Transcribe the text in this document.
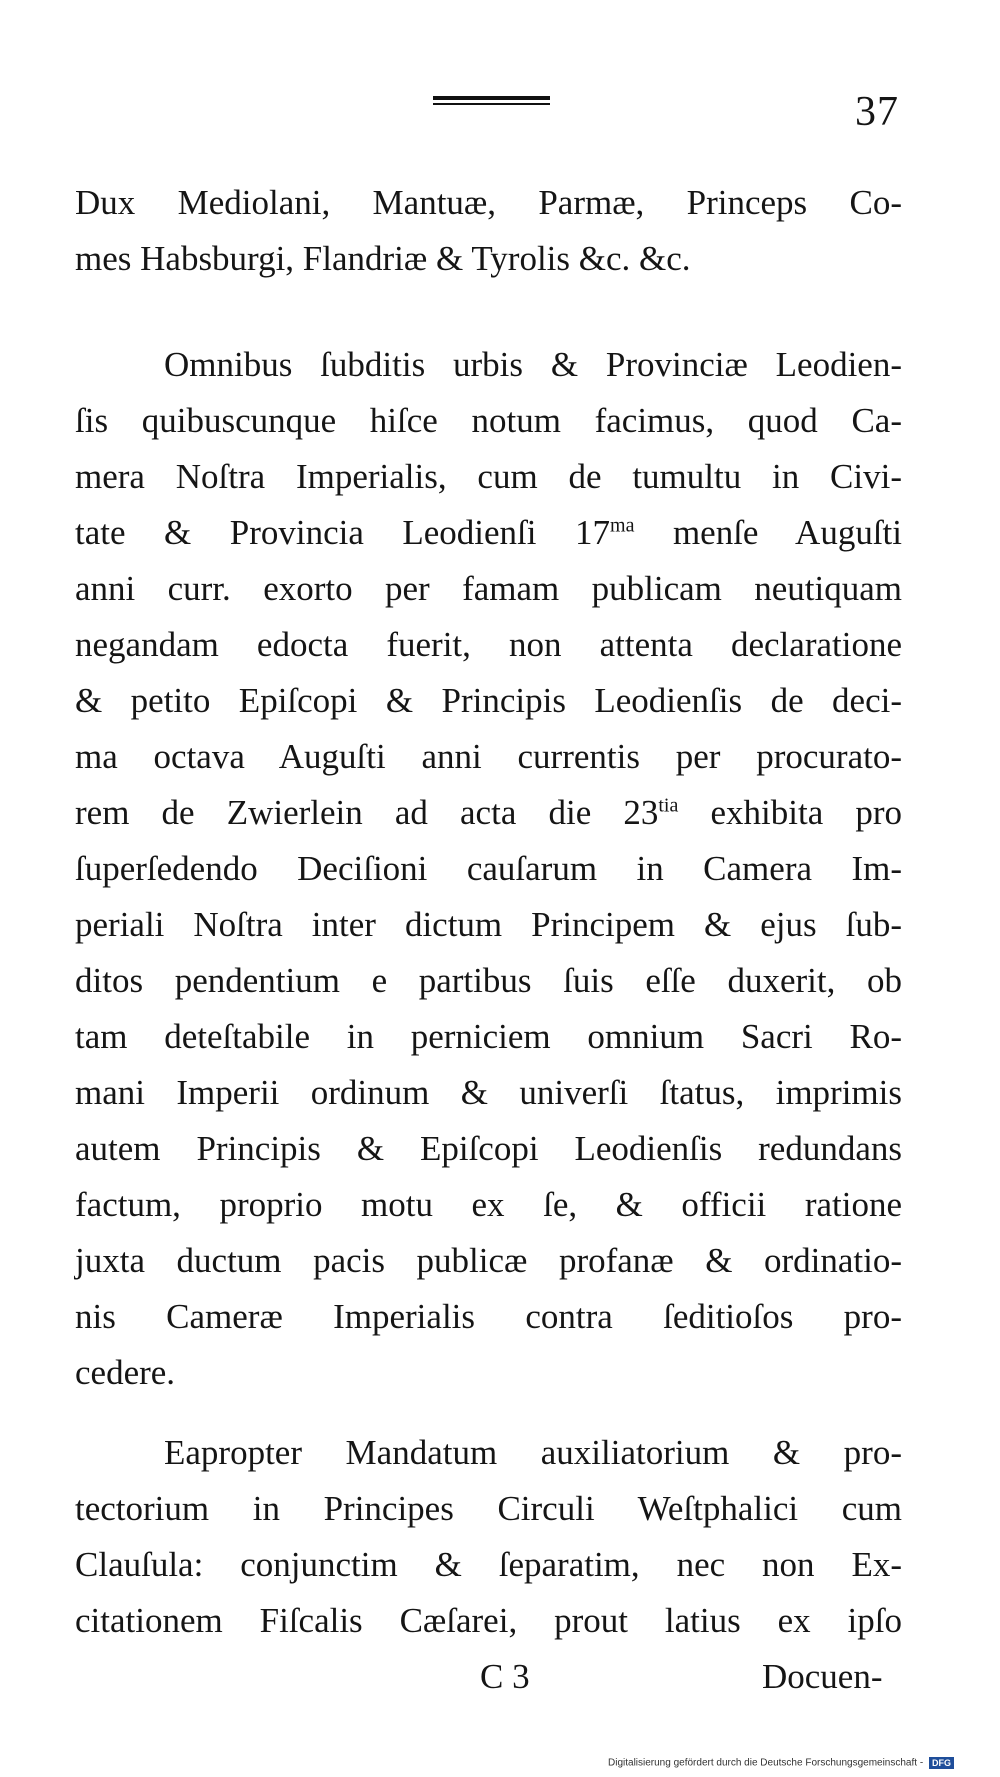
37
Dux Mediolani, Mantuæ, Parmæ, Princeps Co-
mes Habsburgi, Flandriæ & Tyrolis &c. &c.
Omnibus ſubditis urbis & Provinciæ Leodien-
ſis quibuscunque hiſce notum facimus, quod Ca-
mera Noſtra Imperialis, cum de tumultu in Civi-
tate & Provincia Leodienſi $17^{ma}$ menſe Auguſti
anni curr. exorto per famam publicam neutiquam
negandam edocta fuerit, non attenta declaratione
& petito Epiſcopi & Principis Leodienſis de deci-
ma octava Auguſti anni currentis per procurato-
rem de Zwierlein ad acta die $23^{tia}$ exhibita pro
ſuperſedendo Deciſioni cauſarum in Camera Im-
periali Noſtra inter dictum Principem & ejus ſub-
ditos pendentium e partibus ſuis eſſe duxerit, ob
tam deteſtabile in perniciem omnium Sacri Ro-
mani Imperii ordinum & univerſi ſtatus, imprimis
autem Principis & Epiſcopi Leodienſis redundans
factum, proprio motu ex ſe, & officii ratione
juxta ductum pacis publicæ profanæ & ordinatio-
nis Cameræ Imperialis contra ſeditioſos pro-
cedere.
Eapropter Mandatum auxiliatorium & pro-
tectorium in Principes Circuli Weſtphalici cum
Clauſula: conjunctim & ſeparatim, nec non Ex-
citationem Fiſcalis Cæſarei, prout latius ex ipſo
C 3	Docuen-
Digitalisierung gefördert durch die Deutsche Forschungsgemeinschaft - DFG
